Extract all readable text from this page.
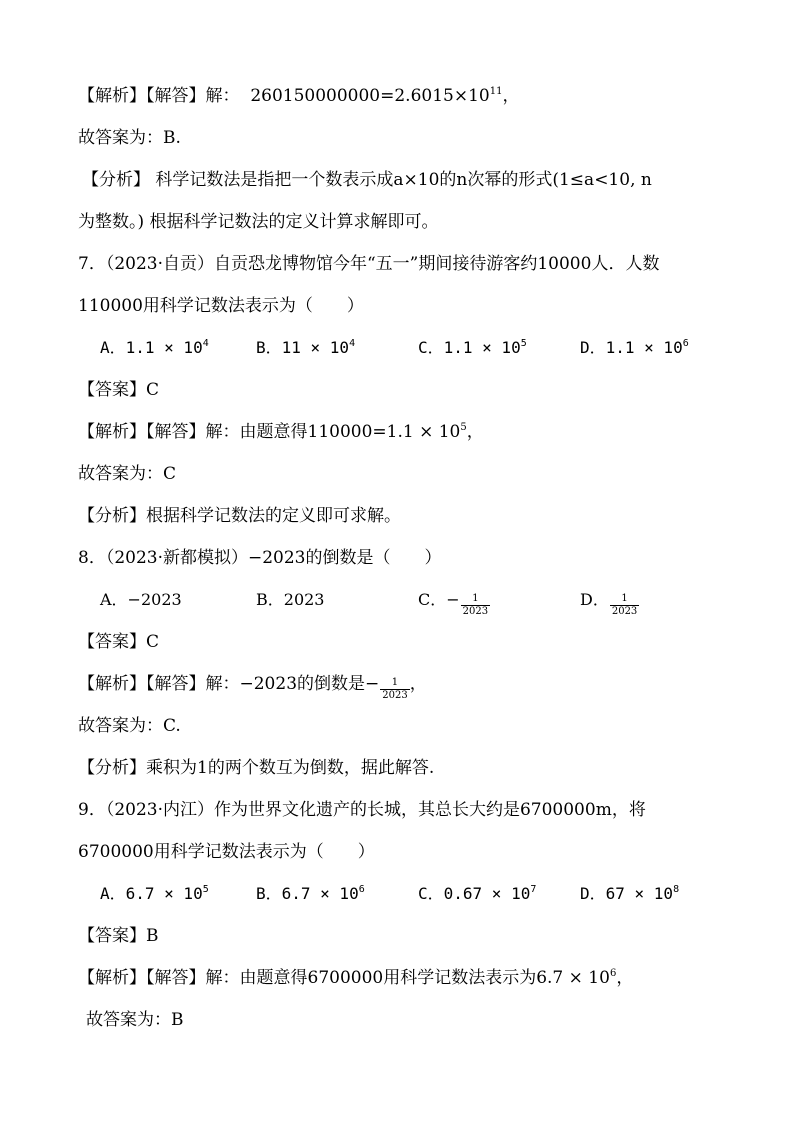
【解析】【解答】解： $260150000000=2.6015\times 10^{11}$，
故答案为：B.
【分析】 科学记数法是指把一个数表示成a×10的n次幂的形式(1≤a<10, n
为整数。) 根据科学记数法的定义计算求解即可。
7．（2023·自贡）自贡恐龙博物馆今年“五一”期间接待游客约10000人．人数
110000用科学记数法表示为（　　）
A．$1.1 \times 10^4$	B．$11 \times 10^4$	C．$1.1 \times 10^5$	D．$1.1 \times 10^6$
【答案】C
【解析】【解答】解：由题意得$110000=1.1 \times 10^5$，
故答案为：C
【分析】根据科学记数法的定义即可求解。
8．（2023·新都模拟）−2023的倒数是（　　）
A．−2023	B．2023	C．− $\frac{1}{2023}$	D． $\frac{1}{2023}$
【答案】C
【解析】【解答】解：−2023的倒数是− $\frac{1}{2023}$ ，
故答案为：C.
【分析】乘积为1的两个数互为倒数，据此解答.
9．（2023·内江）作为世界文化遗产的长城，其总长大约是6700000m，将
6700000用科学记数法表示为（　　）
A．$6.7 \times 10^5$	B．$6.7 \times 10^6$	C．$0.67 \times 10^7$	D．$67 \times 10^8$
【答案】B
【解析】【解答】解：由题意得6700000用科学记数法表示为$6.7 \times 10^6$，
故答案为：B
